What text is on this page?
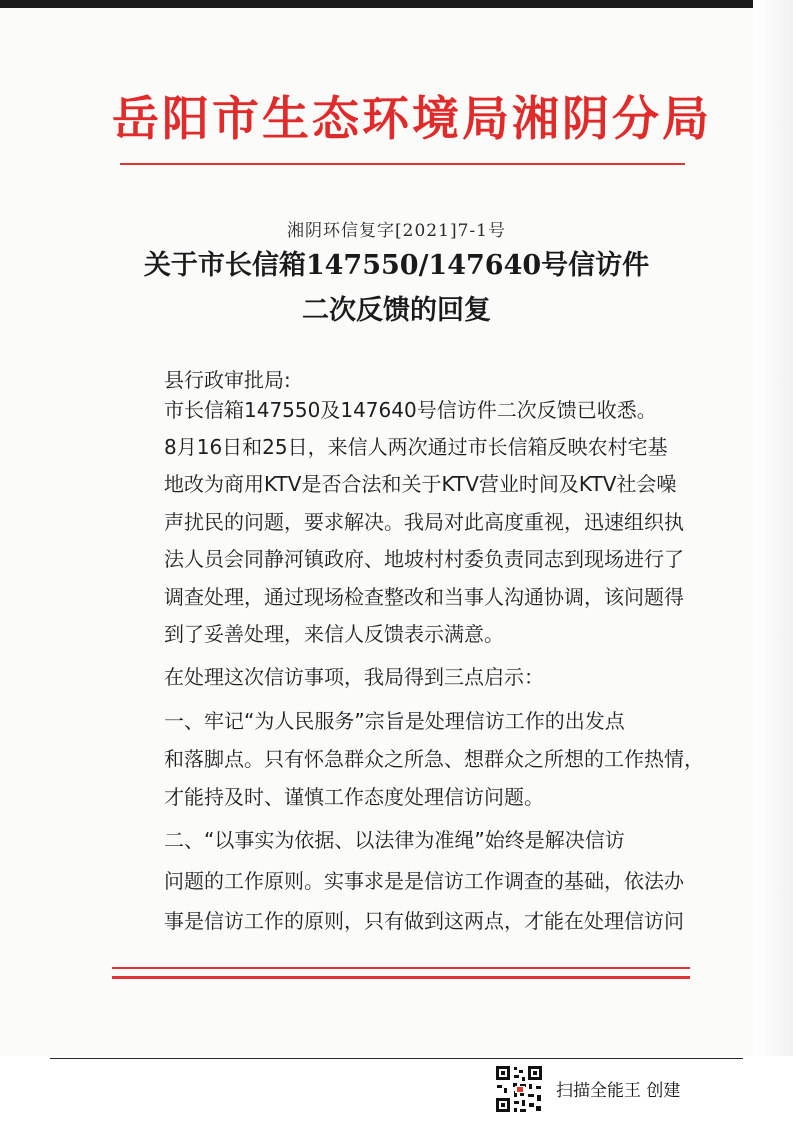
岳阳市生态环境局湘阴分局
湘阴环信复字[2021]7-1号
关于市长信箱147550/147640号信访件
二次反馈的回复
县行政审批局:
市长信箱147550及147640号信访件二次反馈已收悉。
8月16日和25日，来信人两次通过市长信箱反映农村宅基
地改为商用KTV是否合法和关于KTV营业时间及KTV社会噪
声扰民的问题，要求解决。我局对此高度重视，迅速组织执
法人员会同静河镇政府、地坡村村委负责同志到现场进行了
调查处理，通过现场检查整改和当事人沟通协调，该问题得
到了妥善处理，来信人反馈表示满意。
在处理这次信访事项，我局得到三点启示：
一、牢记“为人民服务”宗旨是处理信访工作的出发点
和落脚点。只有怀急群众之所急、想群众之所想的工作热情，
才能持及时、谨慎工作态度处理信访问题。
二、“以事实为依据、以法律为准绳”始终是解决信访
问题的工作原则。实事求是是信访工作调查的基础，依法办
事是信访工作的原则，只有做到这两点，才能在处理信访问
扫描全能王 创建
